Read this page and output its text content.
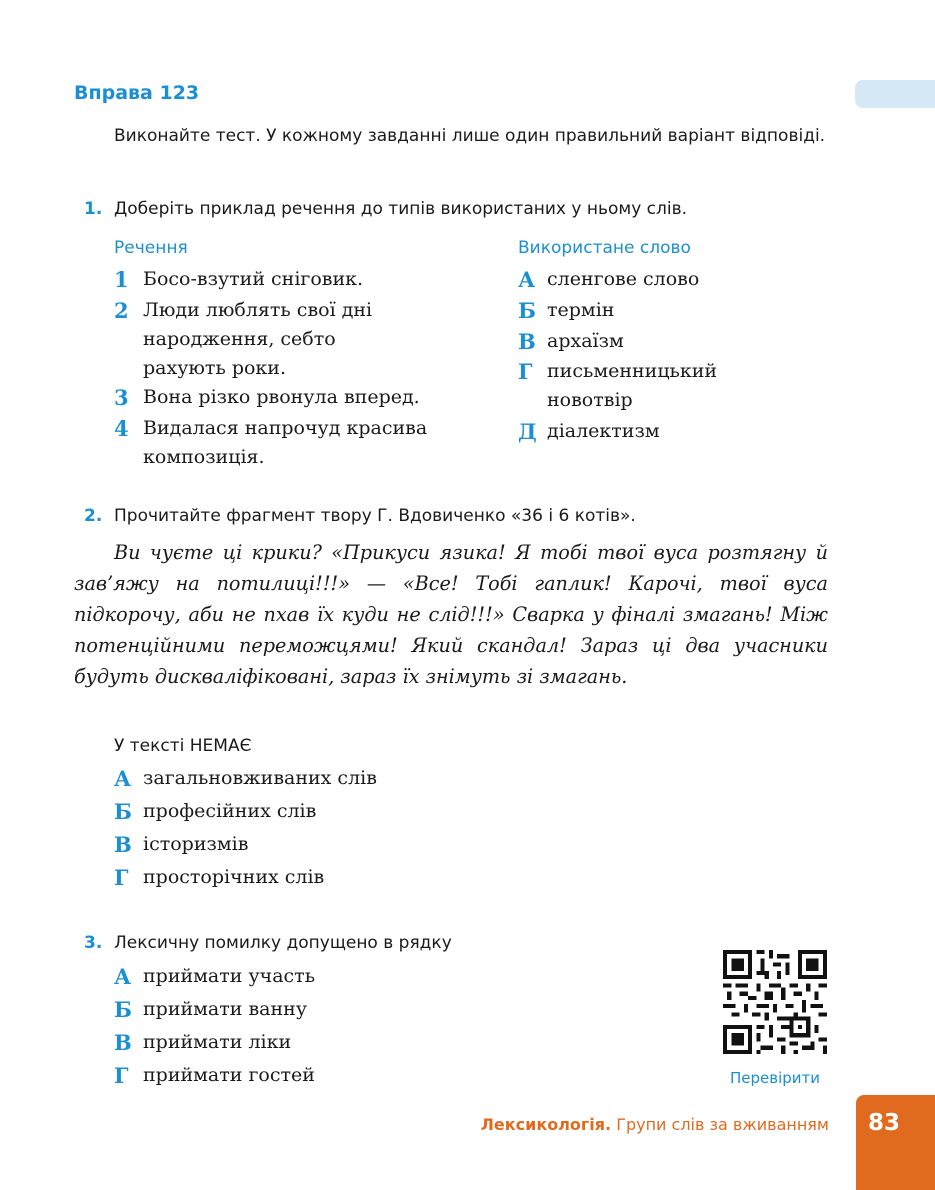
Вправа 123

Виконайте тест. У кожному завданні лише один правильний варіант відповіді.

1. Доберіть приклад речення до типів використаних у ньому слів.
Речення	Використане слово
1 Босо-взутий сніговик.
2 Люди люблять свої дні народження, себто рахують роки.
3 Вона різко рвонула вперед.
4 Видалася напрочуд красива композиція.
А сленгове слово
Б термін
В архаїзм
Г письменницький новотвір
Д діалектизм
2. Прочитайте фрагмент твору Г. Вдовиченко «36 і 6 котів».

Ви чуєте ці крики? «Прикуси язика! Я тобі твої вуса розтягну й зав’яжу на потилиці!!!» — «Все! Тобі гаплик! Карочі, твої вуса підкорочу, аби не пхав їх куди не слід!!!» Сварка у фіналі змагань! Між потенційними переможцями! Який скандал! Зараз ці два учасники будуть дискваліфіковані, зараз їх знімуть зі змагань.

У тексті НЕМАЄ
А загальновживаних слів
Б професійних слів
В історизмів
Г просторічних слів
3. Лексичну помилку допущено в рядку
А приймати участь
Б приймати ванну
В приймати ліки
Г приймати гостей	Перевірити
Лексикологія. Групи слів за вживанням	83
